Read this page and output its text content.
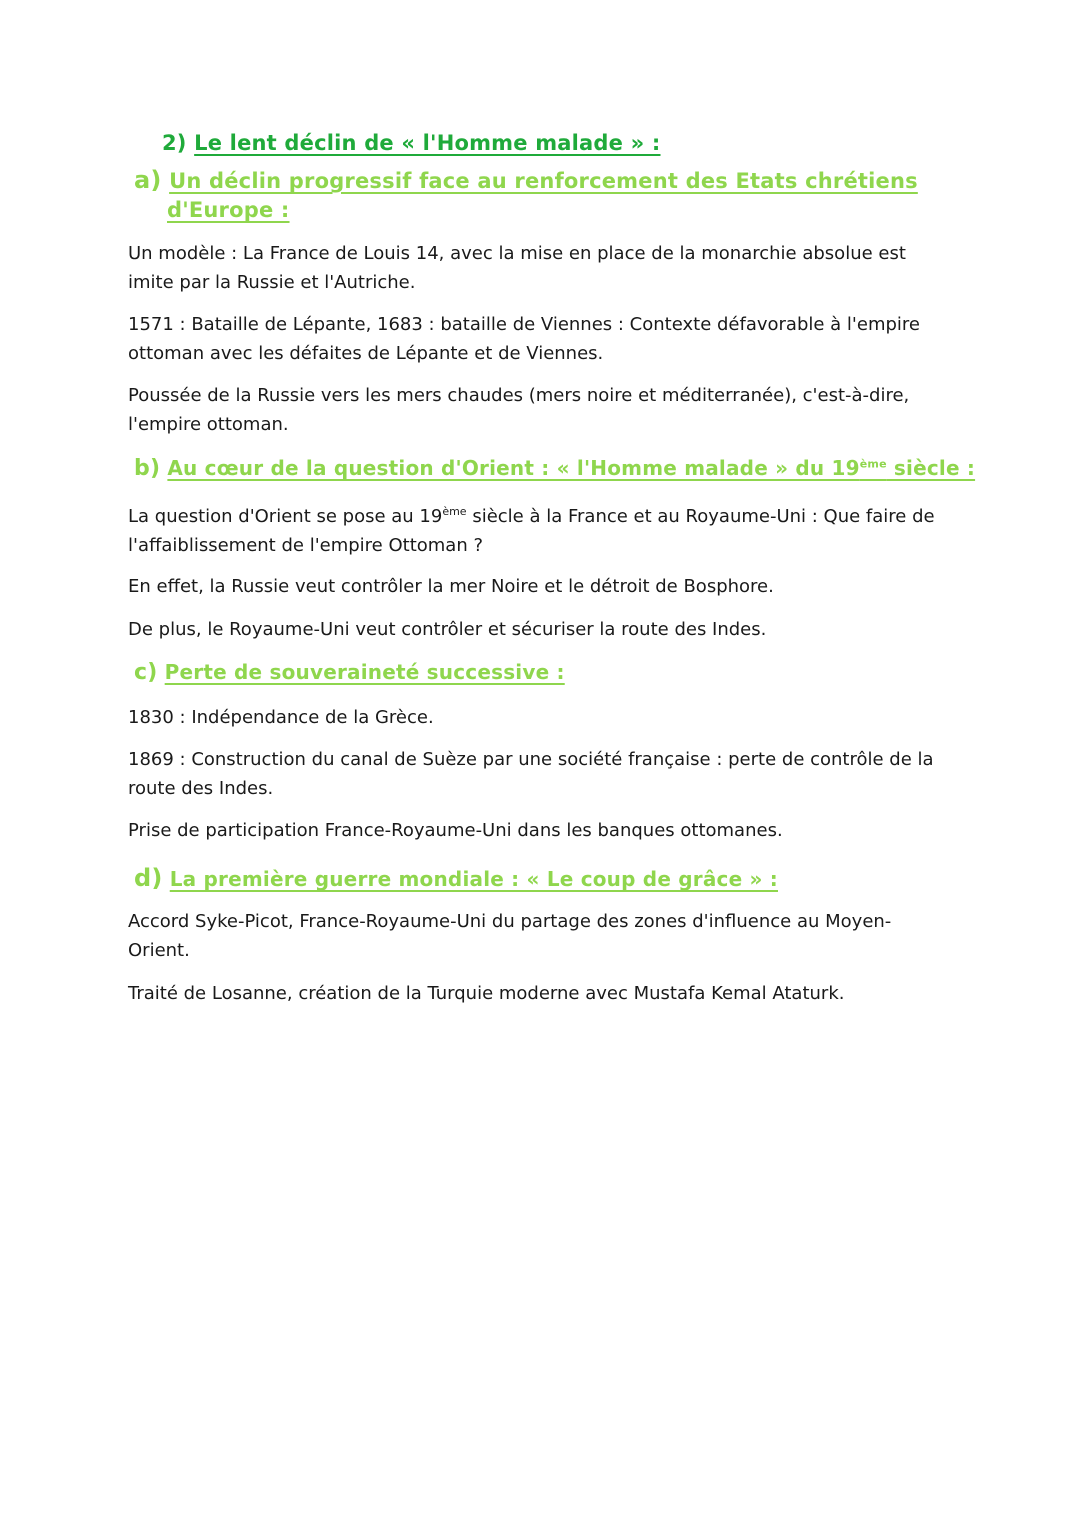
2) Le lent déclin de « l'Homme malade » :
a) Un déclin progressif face au renforcement des Etats chrétiens
d'Europe :
Un modèle : La France de Louis 14, avec la mise en place de la monarchie absolue est imite par la Russie et l'Autriche.
1571 : Bataille de Lépante, 1683 : bataille de Viennes : Contexte défavorable à l'empire ottoman avec les défaites de Lépante et de Viennes.
Poussée de la Russie vers les mers chaudes (mers noire et méditerranée), c'est-à-dire, l'empire ottoman.
b) Au cœur de la question d'Orient : « l'Homme malade » du 19ème siècle :
La question d'Orient se pose au 19ème siècle à la France et au Royaume-Uni : Que faire de l'affaiblissement de l'empire Ottoman ?
En effet, la Russie veut contrôler la mer Noire et le détroit de Bosphore.
De plus, le Royaume-Uni veut contrôler et sécuriser la route des Indes.
c) Perte de souveraineté successive :
1830 : Indépendance de la Grèce.
1869 : Construction du canal de Suèze par une société française : perte de contrôle de la route des Indes.
Prise de participation France-Royaume-Uni dans les banques ottomanes.
d) La première guerre mondiale : « Le coup de grâce » :
Accord Syke-Picot, France-Royaume-Uni du partage des zones d'influence au Moyen-Orient.
Traité de Losanne, création de la Turquie moderne avec Mustafa Kemal Ataturk.
